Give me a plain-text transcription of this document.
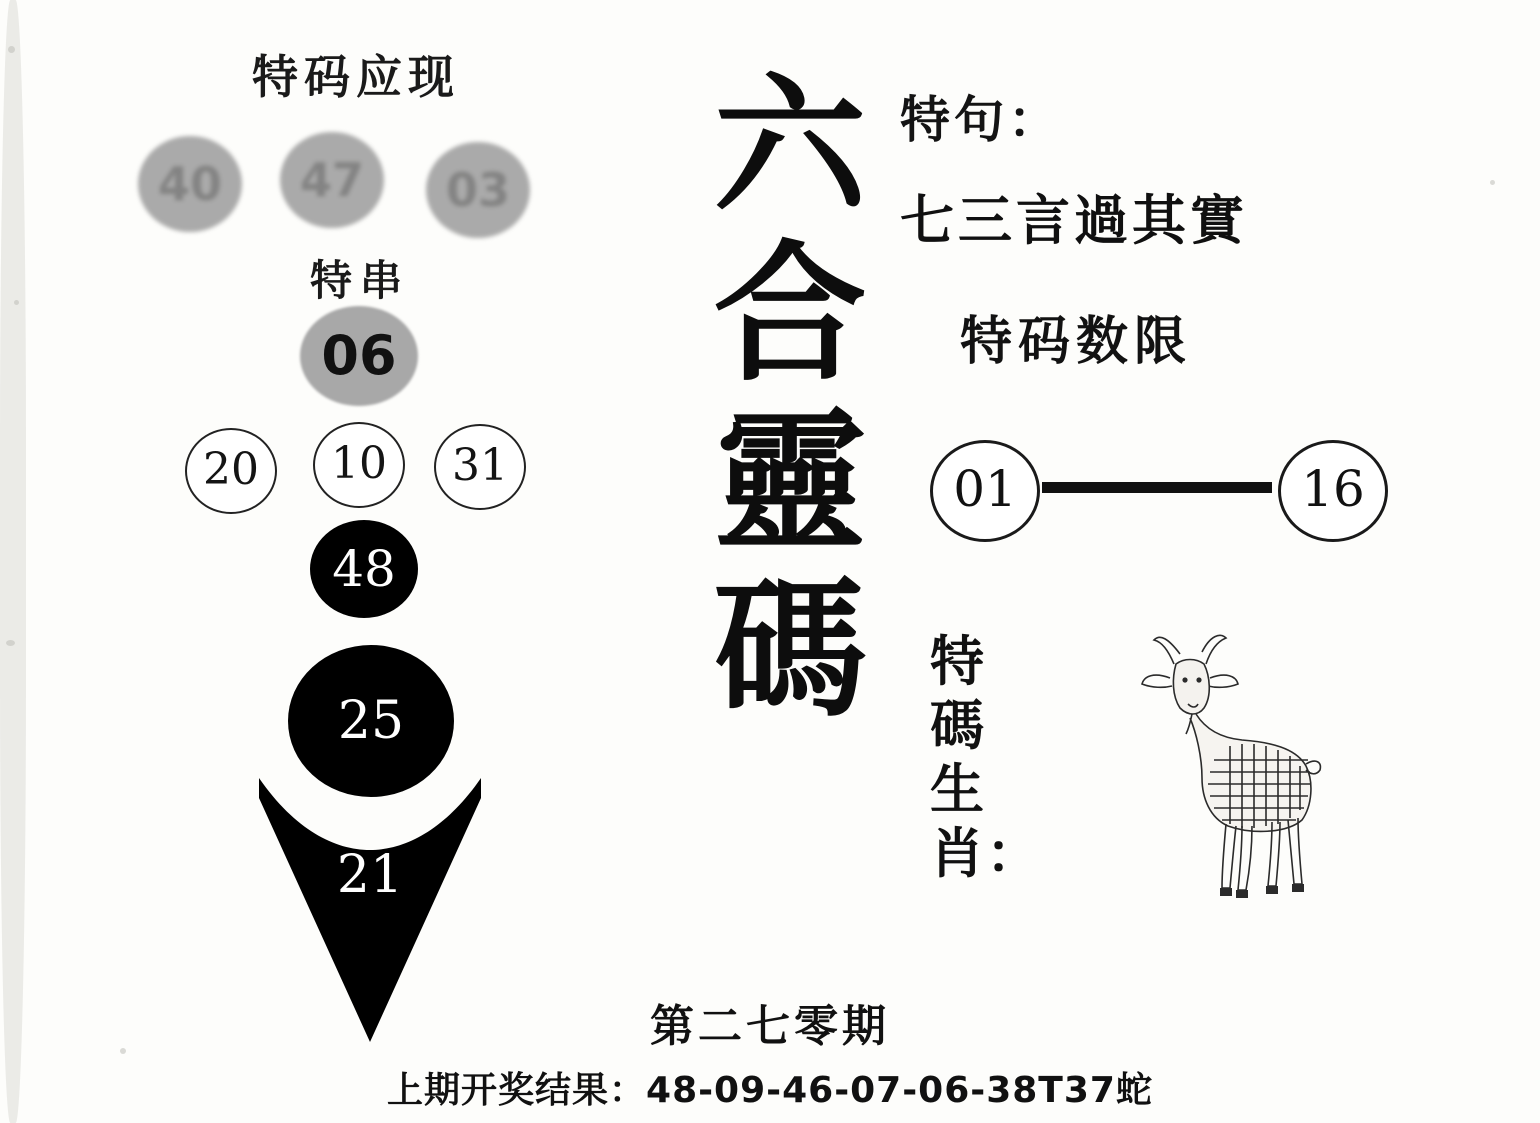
特码应现
40	47	03
特串
06
20	10	31
48
25
21
六
合
靈
碼
特句：
七三言過其實
特码数限
01	16
特
碼
生
肖：
第二七零期
上期开奖结果：48-09-46-07-06-38T37蛇
